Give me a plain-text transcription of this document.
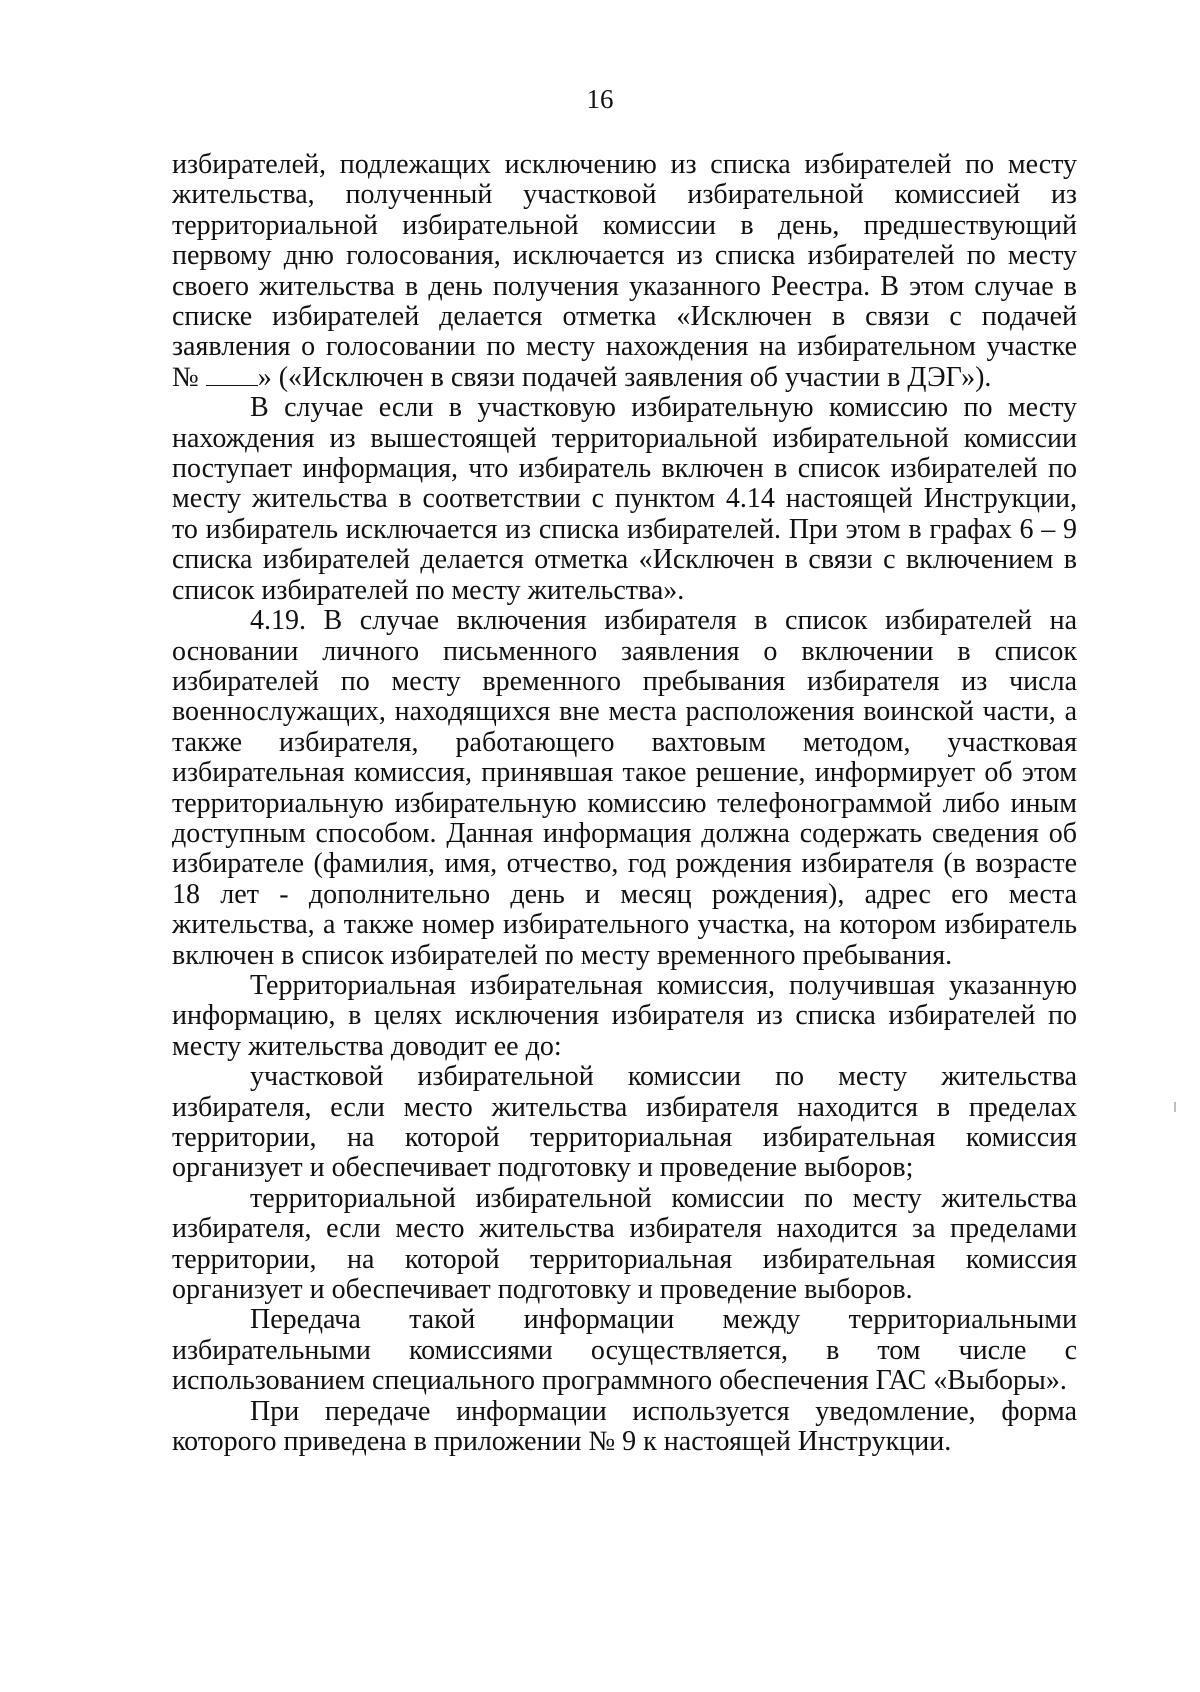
16

избирателей, подлежащих исключению из списка избирателей по месту жительства, полученный участковой избирательной комиссией из территориальной избирательной комиссии в день, предшествующий первому дню голосования, исключается из списка избирателей по месту своего жительства в день получения указанного Реестра. В этом случае в списке избирателей делается отметка «Исключен в связи с подачей заявления о голосовании по месту нахождения на избирательном участке № » («Исключен в связи подачей заявления об участии в ДЭГ»).

В случае если в участковую избирательную комиссию по месту нахождения из вышестоящей территориальной избирательной комиссии поступает информация, что избиратель включен в список избирателей по месту жительства в соответствии с пунктом 4.14 настоящей Инструкции, то избиратель исключается из списка избирателей. При этом в графах 6 – 9 списка избирателей делается отметка «Исключен в связи с включением в список избирателей по месту жительства».

4.19. В случае включения избирателя в список избирателей на основании личного письменного заявления о включении в список избирателей по месту временного пребывания избирателя из числа военнослужащих, находящихся вне места расположения воинской части, а также избирателя, работающего вахтовым методом, участковая избирательная комиссия, принявшая такое решение, информирует об этом территориальную избирательную комиссию телефонограммой либо иным доступным способом. Данная информация должна содержать сведения об избирателе (фамилия, имя, отчество, год рождения избирателя (в возрасте 18 лет - дополнительно день и месяц рождения), адрес его места жительства, а также номер избирательного участка, на котором избиратель включен в список избирателей по месту временного пребывания.

Территориальная избирательная комиссия, получившая указанную информацию, в целях исключения избирателя из списка избирателей по месту жительства доводит ее до:

участковой избирательной комиссии по месту жительства избирателя, если место жительства избирателя находится в пределах территории, на которой территориальная избирательная комиссия организует и обеспечивает подготовку и проведение выборов;

территориальной избирательной комиссии по месту жительства избирателя, если место жительства избирателя находится за пределами территории, на которой территориальная избирательная комиссия организует и обеспечивает подготовку и проведение выборов.

Передача такой информации между территориальными избирательными комиссиями осуществляется, в том числе с использованием специального программного обеспечения ГАС «Выборы».

При передаче информации используется уведомление, форма которого приведена в приложении № 9 к настоящей Инструкции.
